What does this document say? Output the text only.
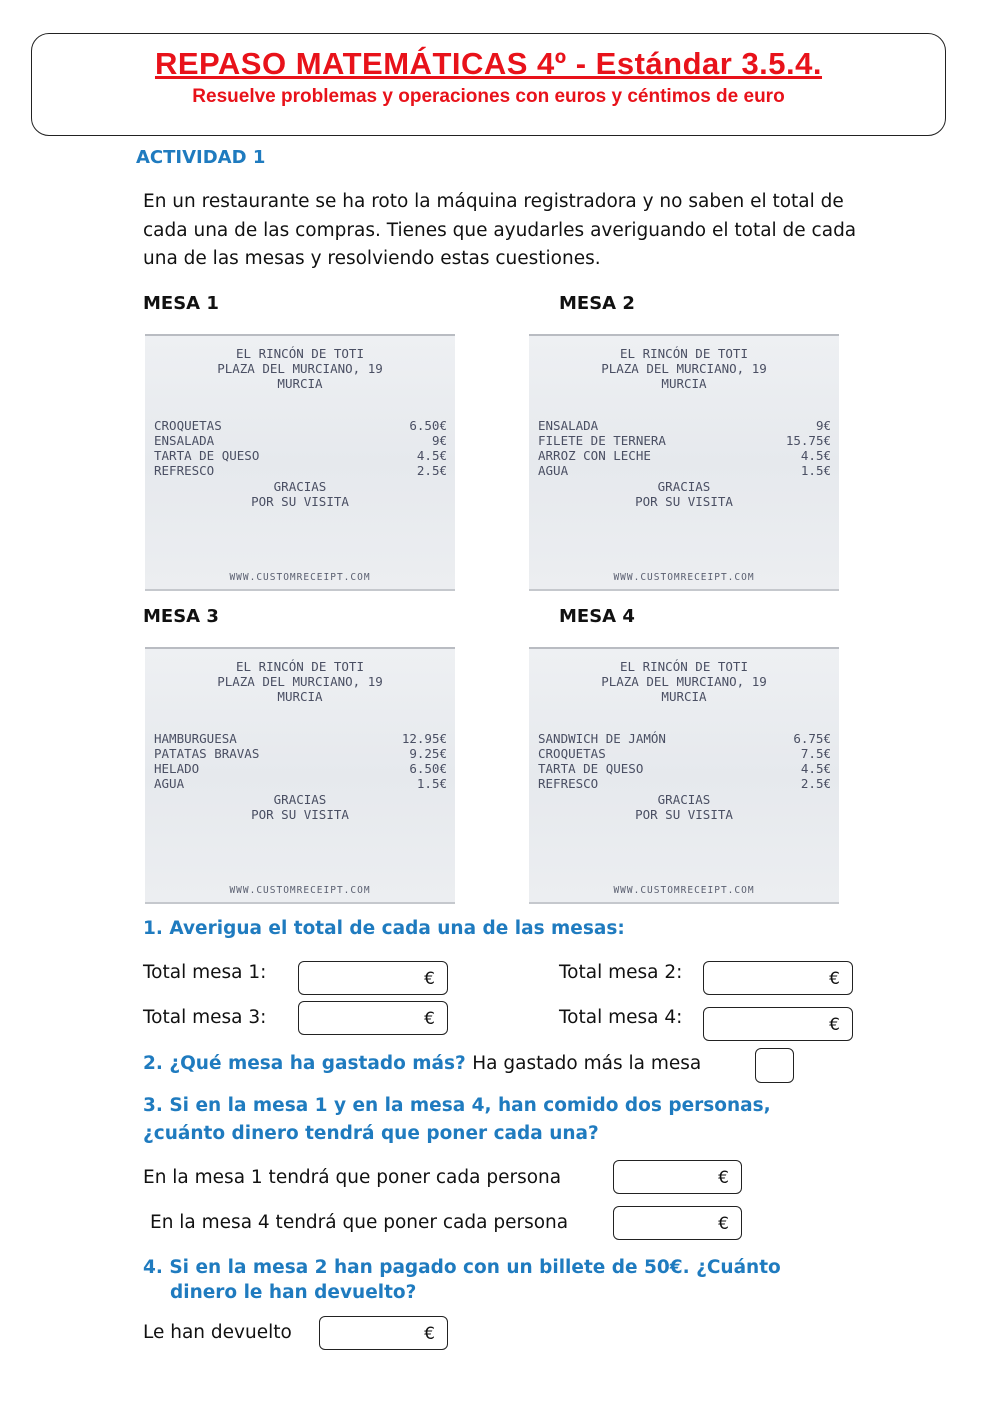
REPASO MATEMÁTICAS 4º - Estándar 3.5.4.
Resuelve problemas y operaciones con euros y céntimos de euro
ACTIVIDAD 1
En un restaurante se ha roto la máquina registradora y no saben el total de cada una de las compras. Tienes que ayudarles averiguando el total de cada una de las mesas y resolviendo estas cuestiones.
MESA 1	MESA 2
MESA 3	MESA 4
EL RINCÓN DE TOTI
PLAZA DEL MURCIANO, 19
MURCIA
CROQUETAS	6.50€
ENSALADA	9€
TARTA DE QUESO	4.5€
REFRESCO	2.5€
GRACIAS
POR SU VISITA
WWW.CUSTOMRECEIPT.COM
EL RINCÓN DE TOTI
PLAZA DEL MURCIANO, 19
MURCIA
ENSALADA	9€
FILETE DE TERNERA	15.75€
ARROZ CON LECHE	4.5€
AGUA	1.5€
GRACIAS
POR SU VISITA
WWW.CUSTOMRECEIPT.COM
EL RINCÓN DE TOTI
PLAZA DEL MURCIANO, 19
MURCIA
HAMBURGUESA	12.95€
PATATAS BRAVAS	9.25€
HELADO	6.50€
AGUA	1.5€
GRACIAS
POR SU VISITA
WWW.CUSTOMRECEIPT.COM
EL RINCÓN DE TOTI
PLAZA DEL MURCIANO, 19
MURCIA
SANDWICH DE JAMÓN	6.75€
CROQUETAS	7.5€
TARTA DE QUESO	4.5€
REFRESCO	2.5€
GRACIAS
POR SU VISITA
WWW.CUSTOMRECEIPT.COM
1. Averigua el total de cada una de las mesas:
Total mesa 1:	€	Total mesa 2:	€
Total mesa 3:	€	Total mesa 4:	€
2. ¿Qué mesa ha gastado más? Ha gastado más la mesa
3. Si en la mesa 1 y en la mesa 4, han comido dos personas,
¿cuánto dinero tendrá que poner cada una?
En la mesa 1 tendrá que poner cada persona	€
En la mesa 4 tendrá que poner cada persona	€
4. Si en la mesa 2 han pagado con un billete de 50€. ¿Cuánto
dinero le han devuelto?
Le han devuelto	€
